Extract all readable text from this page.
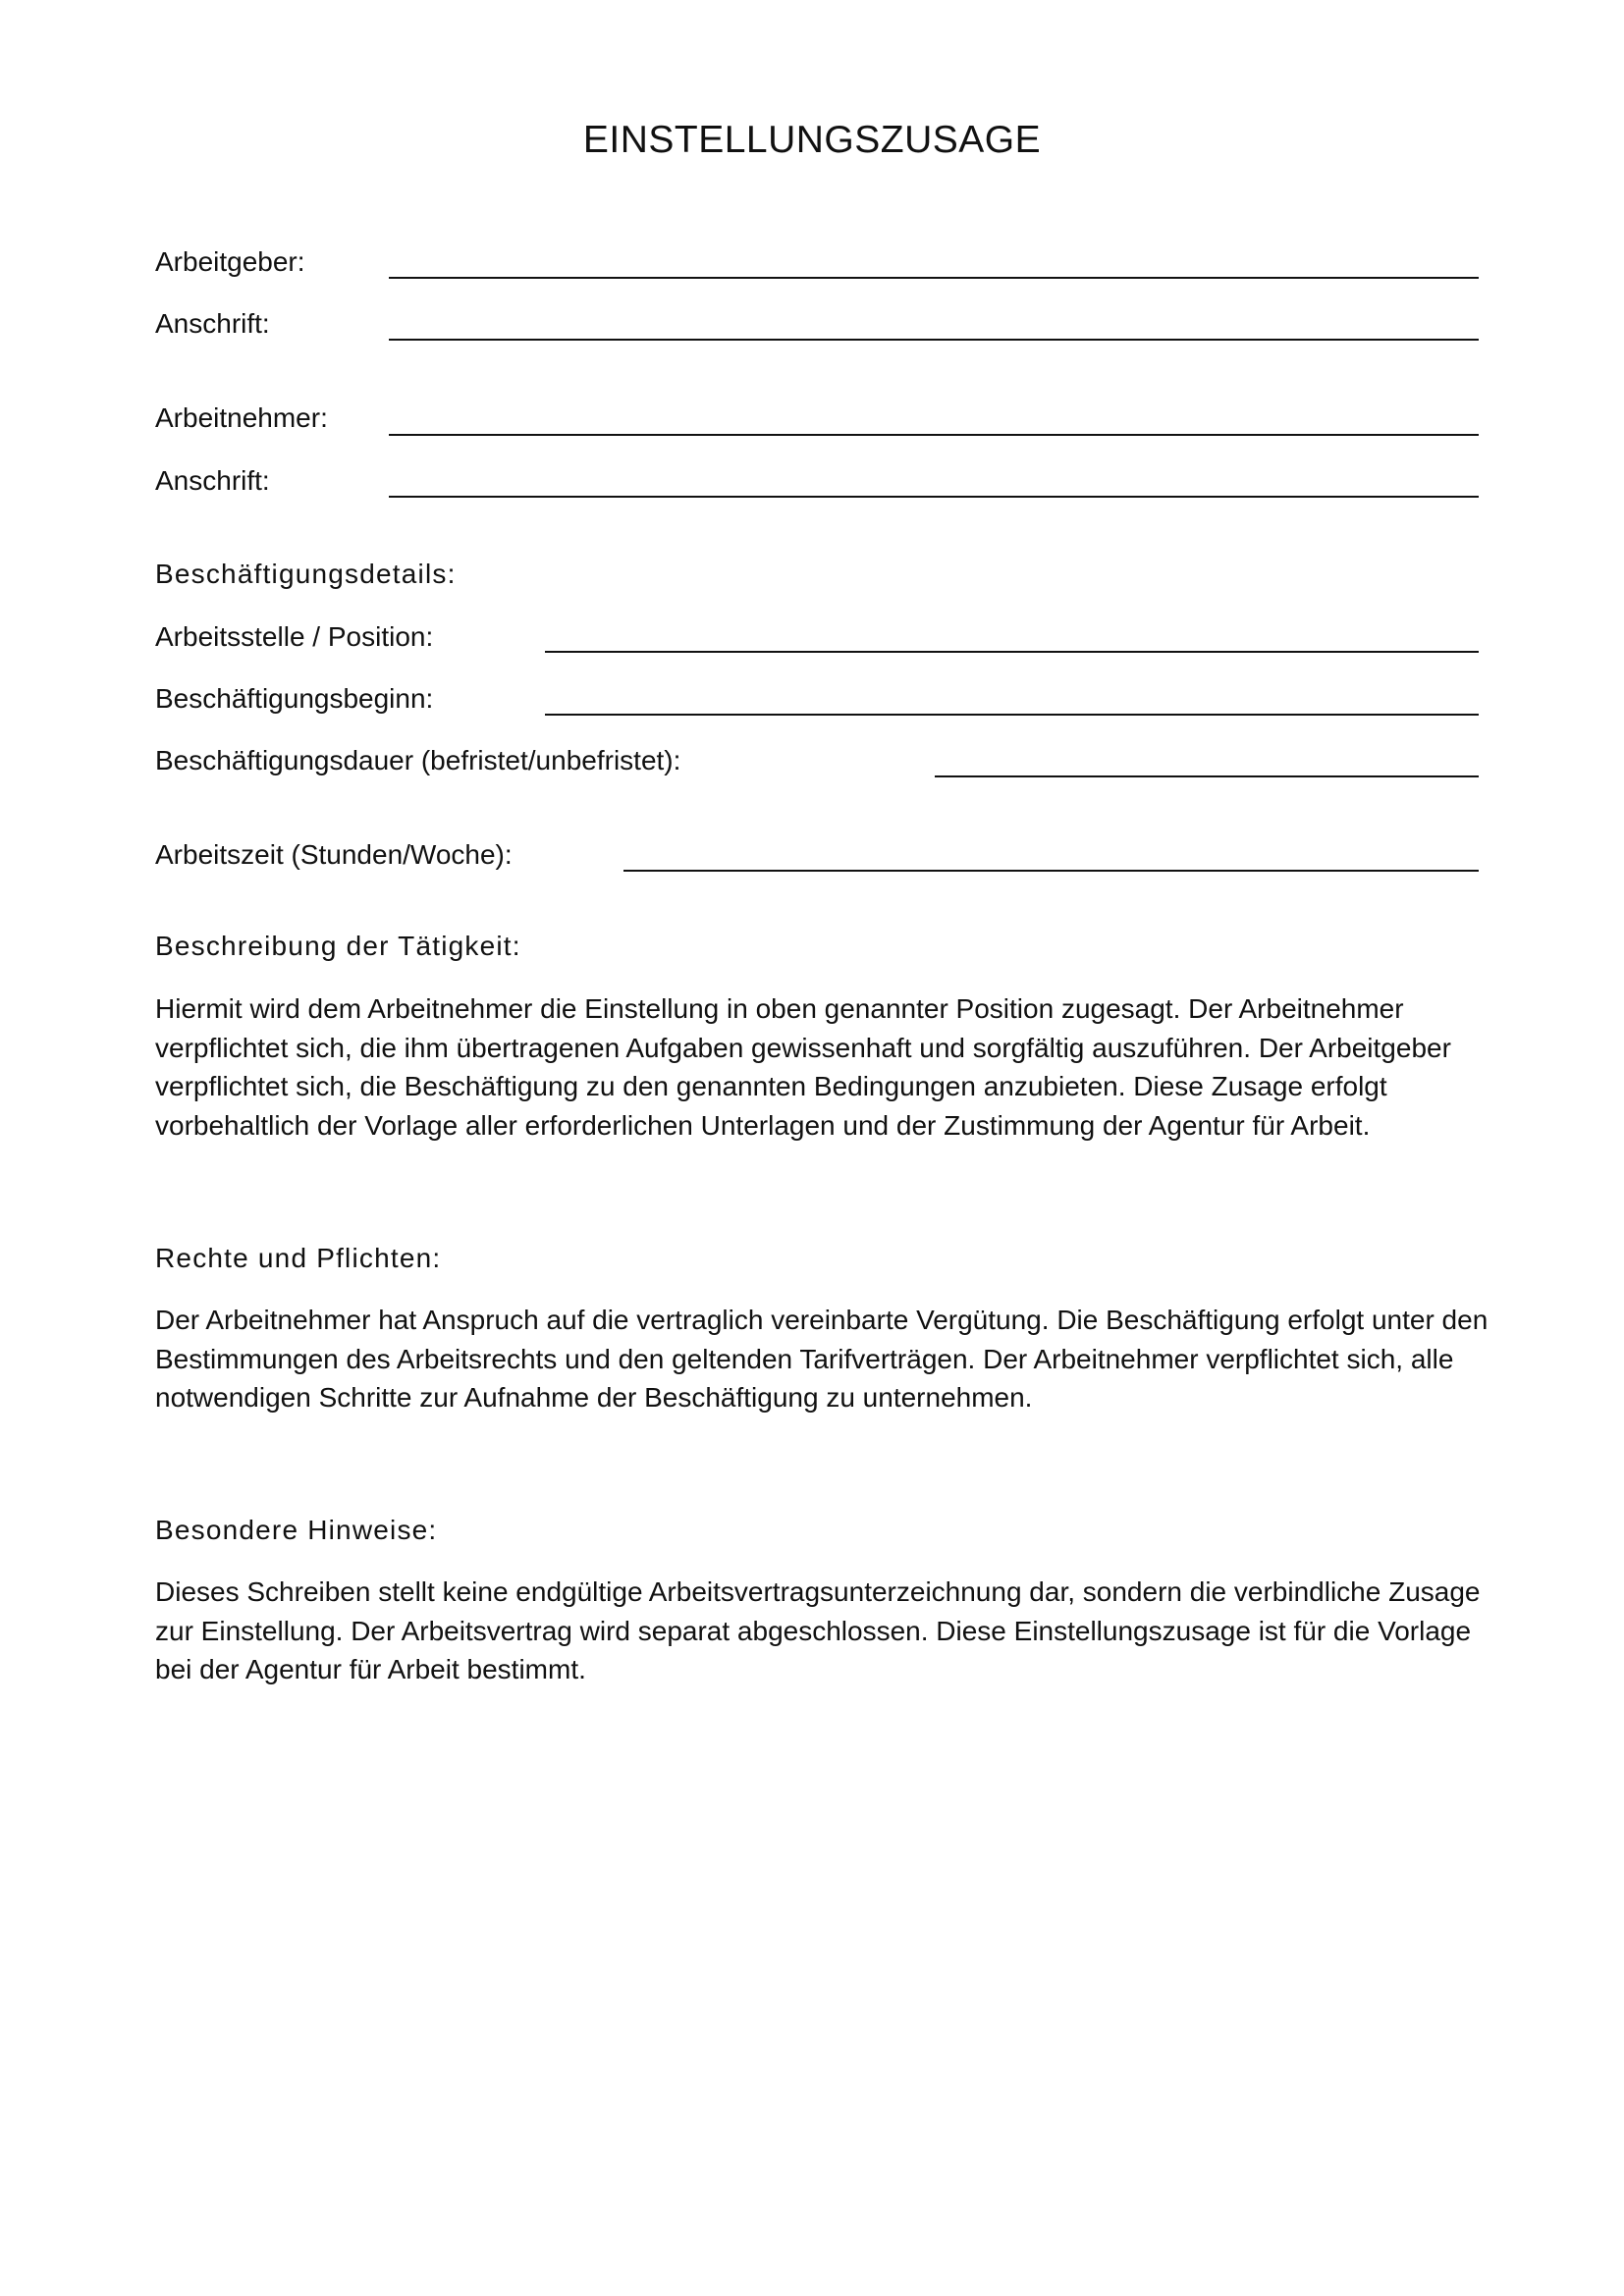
EINSTELLUNGSZUSAGE
Arbeitgeber:
Anschrift:
Arbeitnehmer:
Anschrift:
Beschäftigungsdetails:
Arbeitsstelle / Position:
Beschäftigungsbeginn:
Beschäftigungsdauer (befristet/unbefristet):
Arbeitszeit (Stunden/Woche):
Beschreibung der Tätigkeit:

Hiermit wird dem Arbeitnehmer die Einstellung in oben genannter Position zugesagt. Der Arbeitnehmer verpflichtet sich, die ihm übertragenen Aufgaben gewissenhaft und sorgfältig auszuführen. Der Arbeitgeber verpflichtet sich, die Beschäftigung zu den genannten Bedingungen anzubieten. Diese Zusage erfolgt vorbehaltlich der Vorlage aller erforderlichen Unterlagen und der Zustimmung der Agentur für Arbeit.

Rechte und Pflichten:

Der Arbeitnehmer hat Anspruch auf die vertraglich vereinbarte Vergütung. Die Beschäftigung erfolgt unter den Bestimmungen des Arbeitsrechts und den geltenden Tarifverträgen. Der Arbeitnehmer verpflichtet sich, alle notwendigen Schritte zur Aufnahme der Beschäftigung zu unternehmen.

Besondere Hinweise:

Dieses Schreiben stellt keine endgültige Arbeitsvertragsunterzeichnung dar, sondern die verbindliche Zusage zur Einstellung. Der Arbeitsvertrag wird separat abgeschlossen. Diese Einstellungszusage ist für die Vorlage bei der Agentur für Arbeit bestimmt.
